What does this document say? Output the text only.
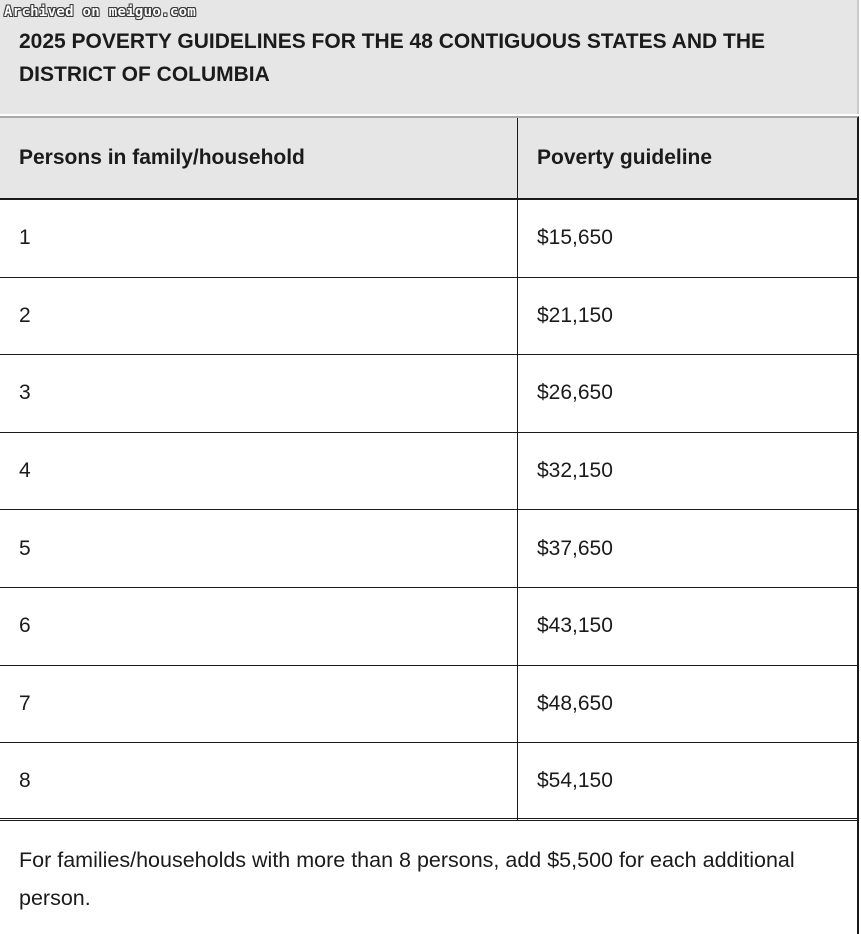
Archived on meiguo.com
2025 POVERTY GUIDELINES FOR THE 48 CONTIGUOUS STATES AND THE DISTRICT OF COLUMBIA
Persons in family/household	Poverty guideline
1	$15,650
2	$21,150
3	$26,650
4	$32,150
5	$37,650
6	$43,150
7	$48,650
8	$54,150
For families/households with more than 8 persons, add $5,500 for each additional person.
